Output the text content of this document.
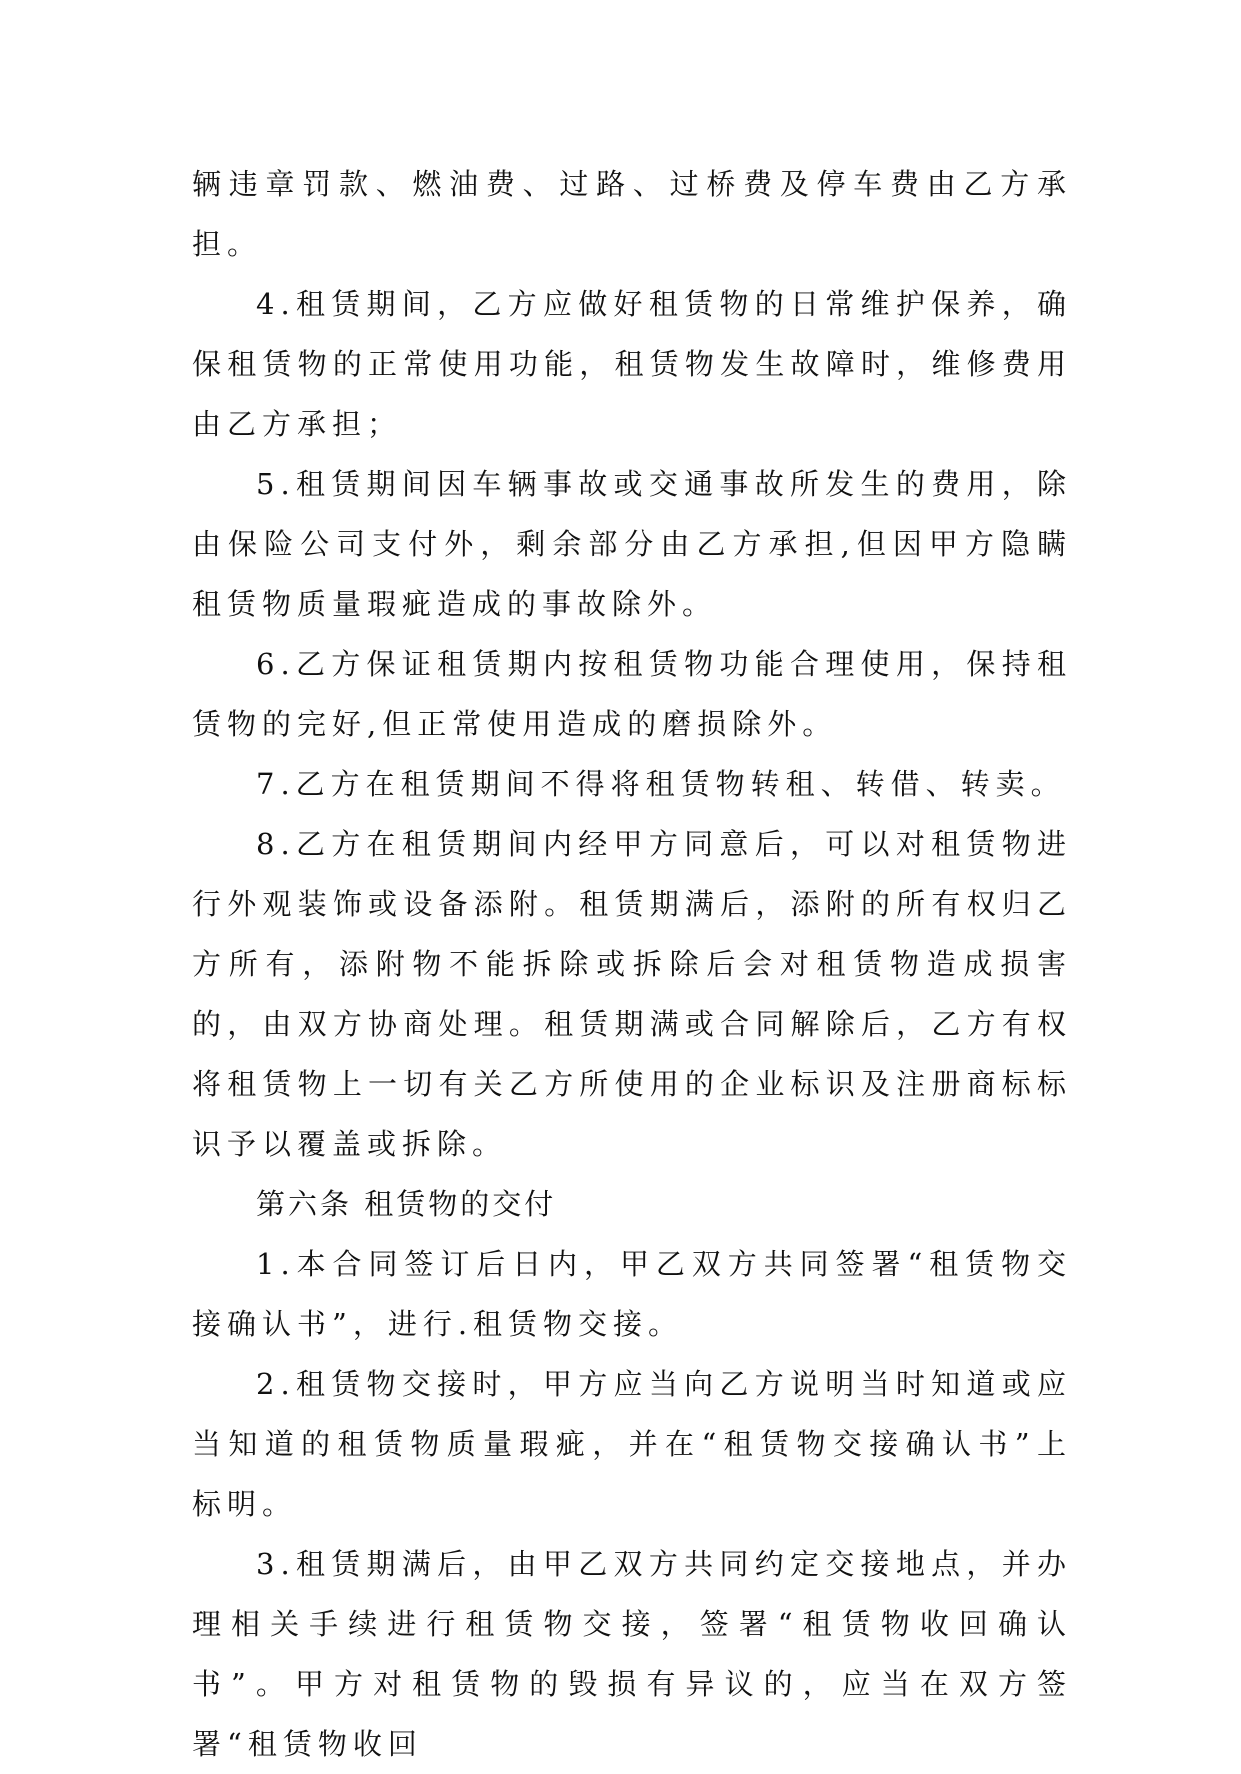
辆违章罚款、燃油费、过路、过桥费及停车费由乙方承担。

4.租赁期间，乙方应做好租赁物的日常维护保养，确保租赁物的正常使用功能，租赁物发生故障时，维修费用由乙方承担；

5.租赁期间因车辆事故或交通事故所发生的费用，除由保险公司支付外，剩余部分由乙方承担,但因甲方隐瞒租赁物质量瑕疵造成的事故除外。

6.乙方保证租赁期内按租赁物功能合理使用，保持租赁物的完好,但正常使用造成的磨损除外。

7.乙方在租赁期间不得将租赁物转租、转借、转卖。

8.乙方在租赁期间内经甲方同意后，可以对租赁物进行外观装饰或设备添附。租赁期满后，添附的所有权归乙方所有，添附物不能拆除或拆除后会对租赁物造成损害的，由双方协商处理。租赁期满或合同解除后，乙方有权将租赁物上一切有关乙方所使用的企业标识及注册商标标识予以覆盖或拆除。

第六条 租赁物的交付

1.本合同签订后日内，甲乙双方共同签署“租赁物交接确认书”，进行.租赁物交接。

2.租赁物交接时，甲方应当向乙方说明当时知道或应当知道的租赁物质量瑕疵，并在“租赁物交接确认书”上标明。

3.租赁期满后，由甲乙双方共同约定交接地点，并办理相关手续进行租赁物交接，签署“租赁物收回确认书”。甲方对租赁物的毁损有异议的，应当在双方签署“租赁物收回
